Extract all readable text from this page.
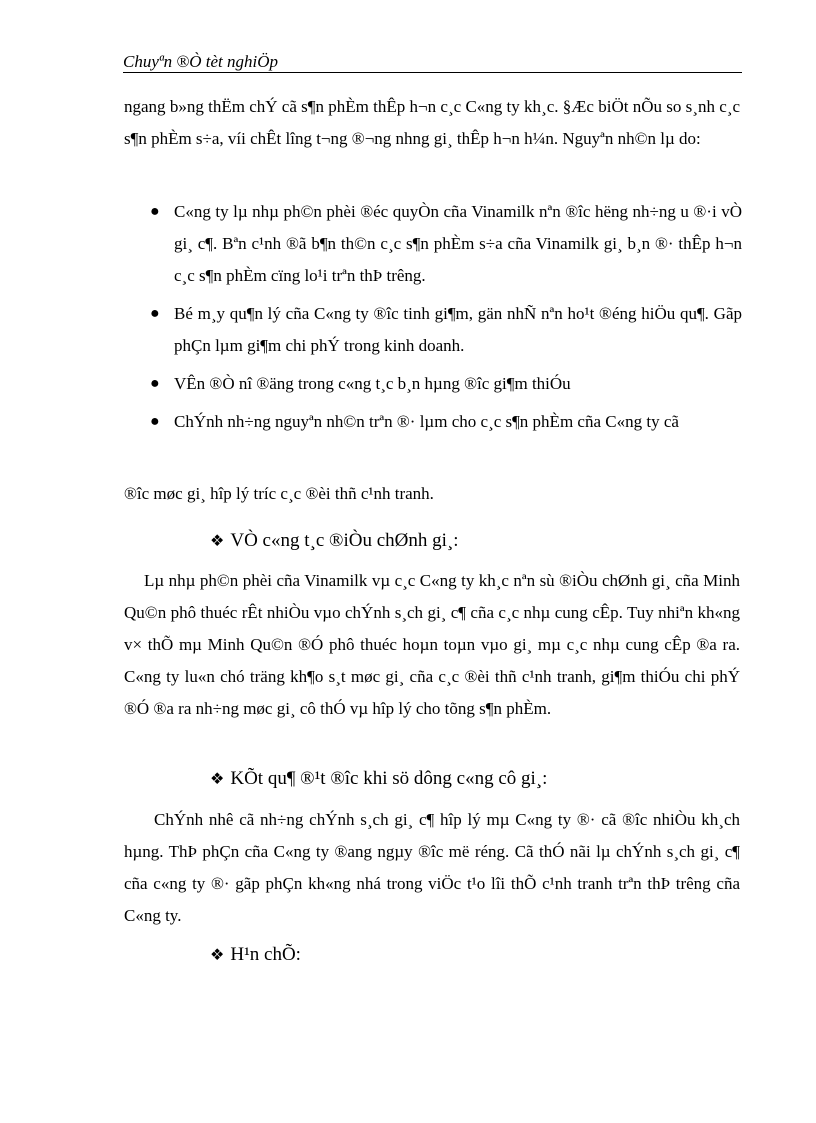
Chuyªn ®Ò tèt nghiÖp

ngang b»ng thËm chÝ cã s¶n phÈm thÊp h¬n c¸c C«ng ty kh¸c. §Æc biÖt nÕu so s¸nh c¸c s¶n phÈm s÷a, víi chÊt lîng t¬ng ®¬ng nhng gi¸ thÊp h¬n h¼n. Nguyªn nh©n lµ do:

● C«ng ty lµ nhµ ph©n phèi ®éc quyÒn cña Vinamilk nªn ®îc hëng nh÷ng u ®·i vÒ gi¸ c¶. Bªn c¹nh ®ã b¶n th©n c¸c s¶n phÈm s÷a cña Vinamilk gi¸ b¸n ®· thÊp h¬n c¸c s¶n phÈm cïng lo¹i trªn thÞ trêng.

● Bé m¸y qu¶n lý cña C«ng ty ®îc tinh gi¶m, gän nhÑ nªn ho¹t ®éng hiÖu qu¶. Gãp phÇn lµm gi¶m chi phÝ trong kinh doanh.

● VÊn ®Ò nî ®äng trong c«ng t¸c b¸n hµng ®îc gi¶m thiÓu

● ChÝnh nh÷ng nguyªn nh©n trªn ®· lµm cho c¸c s¶n phÈm cña C«ng ty cã

®îc møc gi¸ hîp lý tríc c¸c ®èi thñ c¹nh tranh.

❖ VÒ c«ng t¸c ®iÒu chØnh gi¸:

Lµ nhµ ph©n phèi cña Vinamilk vµ c¸c C«ng ty kh¸c nªn sù ®iÒu chØnh gi¸ cña Minh Qu©n phô thuéc rÊt nhiÒu vµo chÝnh s¸ch gi¸ c¶ cña c¸c nhµ cung cÊp. Tuy nhiªn kh«ng v× thÕ mµ Minh Qu©n ®Ó phô thuéc hoµn toµn vµo gi¸ mµ c¸c nhµ cung cÊp ®a ra. C«ng ty lu«n chó träng kh¶o s¸t møc gi¸ cña c¸c ®èi thñ c¹nh tranh, gi¶m thiÓu chi phÝ ®Ó ®a ra nh÷ng møc gi¸ cô thÓ vµ hîp lý cho tõng s¶n phÈm.

❖ KÕt qu¶ ®¹t ®îc khi sö dông c«ng cô gi¸:

ChÝnh nhê cã nh÷ng chÝnh s¸ch gi¸ c¶ hîp lý mµ C«ng ty ®· cã ®îc nhiÒu kh¸ch hµng. ThÞ phÇn cña C«ng ty ®ang ngµy ®îc më réng. Cã thÓ nãi lµ chÝnh s¸ch gi¸ c¶ cña c«ng ty ®· gãp phÇn kh«ng nhá trong viÖc t¹o lîi thÕ c¹nh tranh trªn thÞ trêng cña C«ng ty.

❖ H¹n chÕ:
